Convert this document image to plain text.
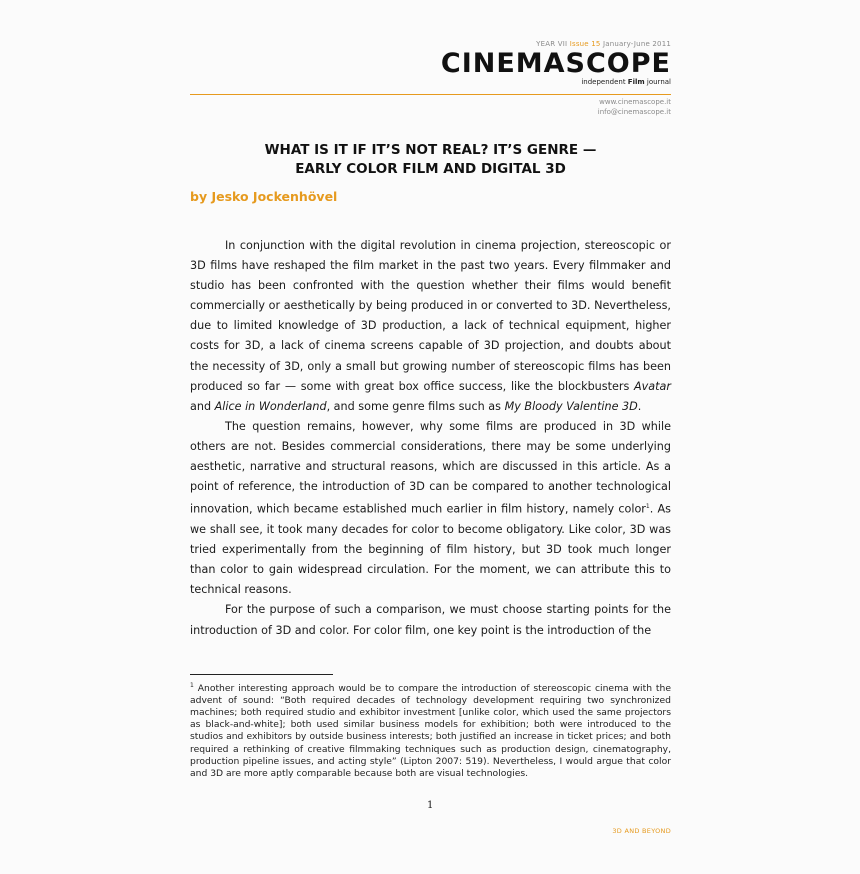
YEAR VII Issue 15 January-June 2011
CINEMASCOPE
independent Film journal
www.cinemascope.it
info@cinemascope.it
WHAT IS IT IF IT’S NOT REAL? IT’S GENRE —
EARLY COLOR FILM AND DIGITAL 3D
by Jesko Jockenhövel

In conjunction with the digital revolution in cinema projection, stereoscopic or 3D films have reshaped the film market in the past two years. Every filmmaker and studio has been confronted with the question whether their films would benefit commercially or aesthetically by being produced in or converted to 3D. Nevertheless, due to limited knowledge of 3D production, a lack of technical equipment, higher costs for 3D, a lack of cinema screens capable of 3D projection, and doubts about the necessity of 3D, only a small but growing number of stereoscopic films has been produced so far — some with great box office success, like the blockbusters Avatar and Alice in Wonderland, and some genre films such as My Bloody Valentine 3D.

The question remains, however, why some films are produced in 3D while others are not. Besides commercial considerations, there may be some underlying aesthetic, narrative and structural reasons, which are discussed in this article. As a point of reference, the introduction of 3D can be compared to another technological innovation, which became established much earlier in film history, namely color$^1$. As we shall see, it took many decades for color to become obligatory. Like color, 3D was tried experimentally from the beginning of film history, but 3D took much longer than color to gain widespread circulation. For the moment, we can attribute this to technical reasons.

For the purpose of such a comparison, we must choose starting points for the introduction of 3D and color. For color film, one key point is the introduction of the

$^1$ Another interesting approach would be to compare the introduction of stereoscopic cinema with the advent of sound: “Both required decades of technology development requiring two synchronized machines; both required studio and exhibitor investment [unlike color, which used the same projectors as black-and-white]; both used similar business models for exhibition; both were introduced to the studios and exhibitors by outside business interests; both justified an increase in ticket prices; and both required a rethinking of creative filmmaking techniques such as production design, cinematography, production pipeline issues, and acting style” (Lipton 2007: 519). Nevertheless, I would argue that color and 3D are more aptly comparable because both are visual technologies.
1
3D AND BEYOND
